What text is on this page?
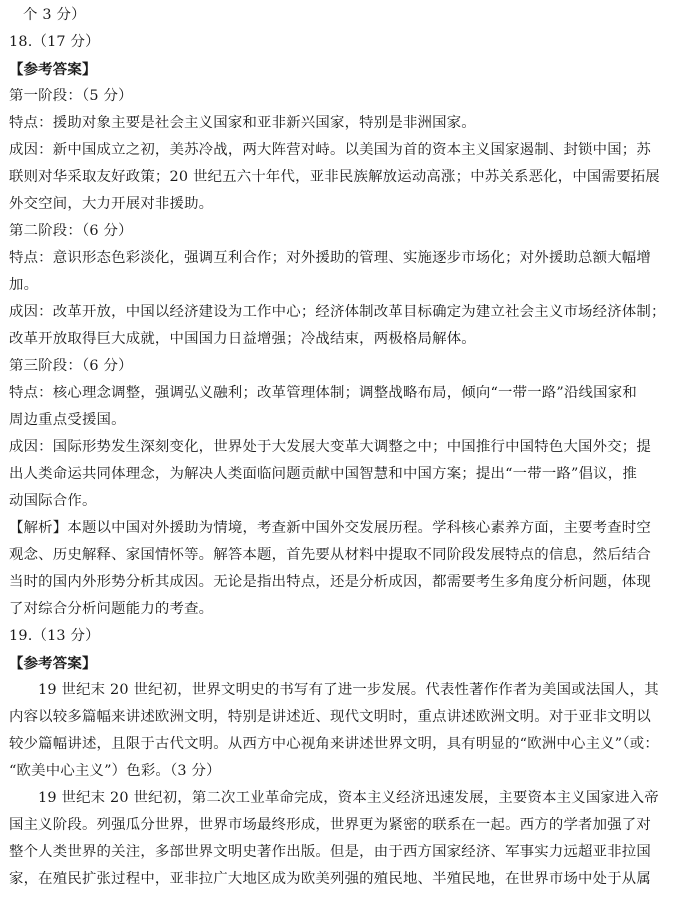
个 3 分）
18.（17 分）
【参考答案】
第一阶段：（5 分）
特点：援助对象主要是社会主义国家和亚非新兴国家，特别是非洲国家。
成因：新中国成立之初，美苏冷战，两大阵营对峙。以美国为首的资本主义国家遏制、封锁中国；苏
联则对华采取友好政策；20 世纪五六十年代，亚非民族解放运动高涨；中苏关系恶化，中国需要拓展
外交空间，大力开展对非援助。
第二阶段：（6 分）
特点：意识形态色彩淡化，强调互利合作；对外援助的管理、实施逐步市场化；对外援助总额大幅增
加。
成因：改革开放，中国以经济建设为工作中心；经济体制改革目标确定为建立社会主义市场经济体制；
改革开放取得巨大成就，中国国力日益增强；冷战结束，两极格局解体。
第三阶段：（6 分）
特点：核心理念调整，强调弘义融利；改革管理体制；调整战略布局，倾向“一带一路”沿线国家和
周边重点受援国。
成因：国际形势发生深刻变化，世界处于大发展大变革大调整之中；中国推行中国特色大国外交；提
出人类命运共同体理念，为解决人类面临问题贡献中国智慧和中国方案；提出“一带一路”倡议，推
动国际合作。
【解析】本题以中国对外援助为情境，考查新中国外交发展历程。学科核心素养方面，主要考查时空
观念、历史解释、家国情怀等。解答本题，首先要从材料中提取不同阶段发展特点的信息，然后结合
当时的国内外形势分析其成因。无论是指出特点，还是分析成因，都需要考生多角度分析问题，体现
了对综合分析问题能力的考查。
19.（13 分）
【参考答案】
19 世纪末 20 世纪初，世界文明史的书写有了进一步发展。代表性著作作者为美国或法国人，其
内容以较多篇幅来讲述欧洲文明，特别是讲述近、现代文明时，重点讲述欧洲文明。对于亚非文明以
较少篇幅讲述，且限于古代文明。从西方中心视角来讲述世界文明，具有明显的“欧洲中心主义”（或：
“欧美中心主义”）色彩。（3 分）
19 世纪末 20 世纪初，第二次工业革命完成，资本主义经济迅速发展，主要资本主义国家进入帝
国主义阶段。列强瓜分世界，世界市场最终形成，世界更为紧密的联系在一起。西方的学者加强了对
整个人类世界的关注，多部世界文明史著作出版。但是，由于西方国家经济、军事实力远超亚非拉国
家，在殖民扩张过程中，亚非拉广大地区成为欧美列强的殖民地、半殖民地，在世界市场中处于从属
